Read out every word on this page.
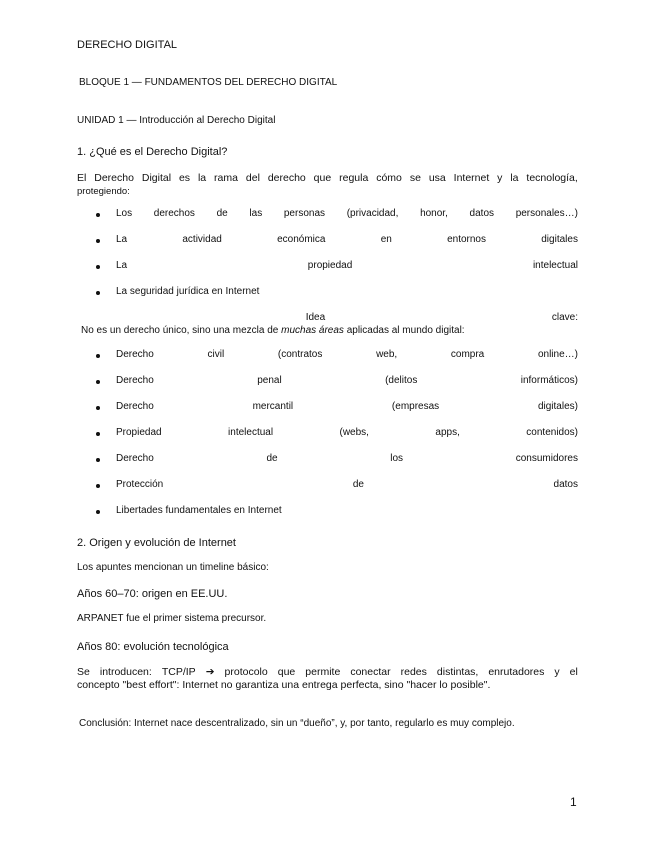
DERECHO DIGITAL
BLOQUE 1 — FUNDAMENTOS DEL DERECHO DIGITAL
UNIDAD 1 — Introducción al Derecho Digital
1. ¿Qué es el Derecho Digital?
El Derecho Digital es la rama del derecho que regula cómo se usa Internet y la tecnología,
protegiendo:
Los derechos de las personas (privacidad, honor, datos personales…)
La	actividad	económica	en	entornos	digitales
La	propiedad	intelectual
La seguridad jurídica en Internet
Idea	clave:
No es un derecho único, sino una mezcla de muchas áreas aplicadas al mundo digital:
Derecho	civil	(contratos	web,	compra	online…)
Derecho	penal	(delitos	informáticos)
Derecho	mercantil	(empresas	digitales)
Propiedad	intelectual	(webs,	apps,	contenidos)
Derecho	de	los	consumidores
Protección	de	datos
Libertades fundamentales en Internet
2. Origen y evolución de Internet
Los apuntes mencionan un timeline básico:
Años 60–70: origen en EE.UU.
ARPANET fue el primer sistema precursor.
Años 80: evolución tecnológica
Se introducen: TCP/IP ➔ protocolo que permite conectar redes distintas, enrutadores y el
concepto "best effort": Internet no garantiza una entrega perfecta, sino "hacer lo posible".
Conclusión: Internet nace descentralizado, sin un “dueño”, y, por tanto, regularlo es muy complejo.
1
